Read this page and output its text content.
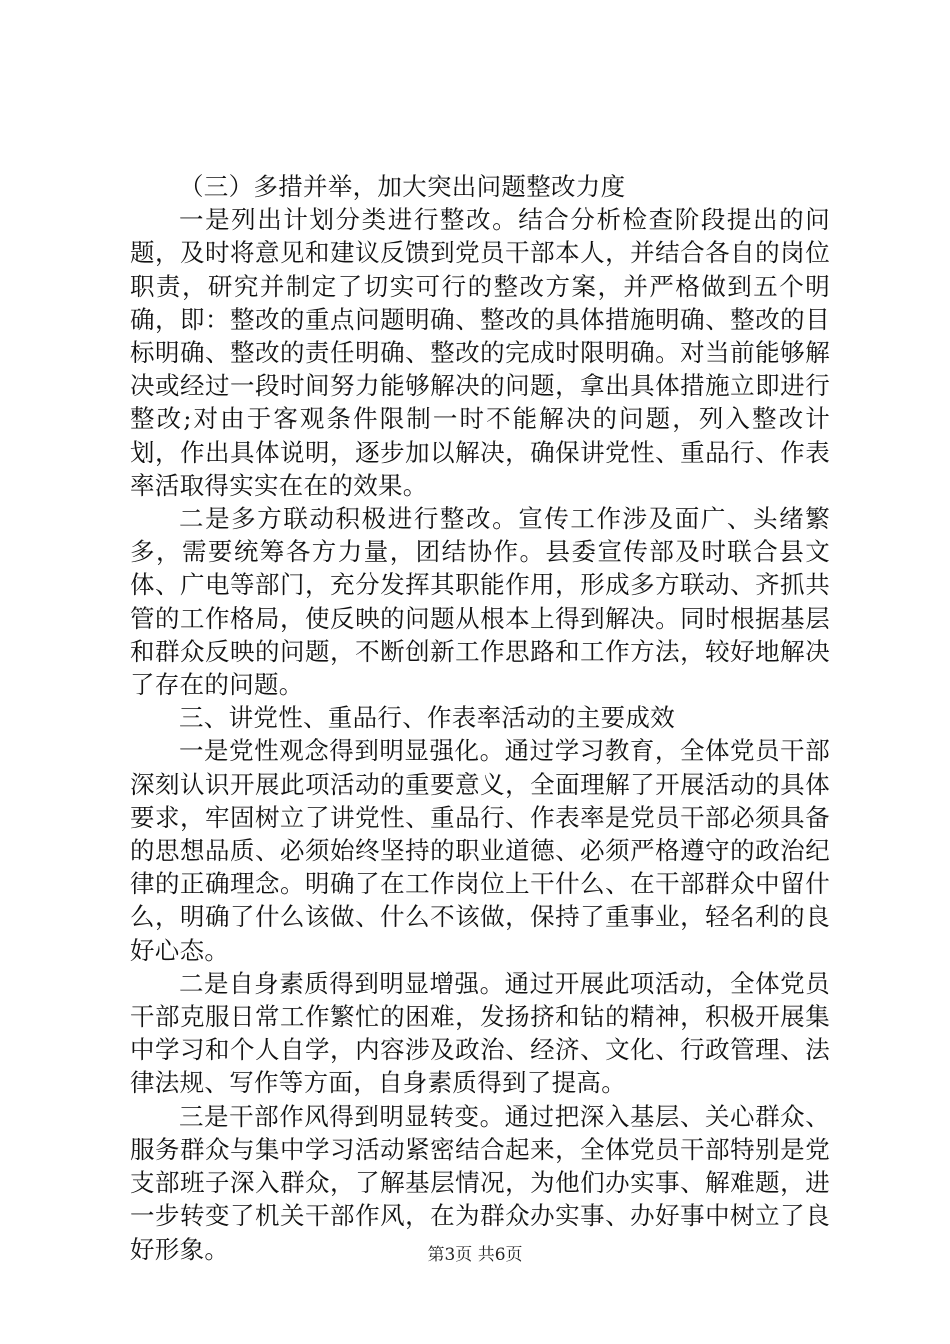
（三）多措并举，加大突出问题整改力度

一是列出计划分类进行整改。结合分析检查阶段提出的问题，及时将意见和建议反馈到党员干部本人，并结合各自的岗位职责，研究并制定了切实可行的整改方案，并严格做到五个明确，即：整改的重点问题明确、整改的具体措施明确、整改的目标明确、整改的责任明确、整改的完成时限明确。对当前能够解决或经过一段时间努力能够解决的问题，拿出具体措施立即进行整改;对由于客观条件限制一时不能解决的问题，列入整改计划，作出具体说明，逐步加以解决，确保讲党性、重品行、作表率活取得实实在在的效果。

二是多方联动积极进行整改。宣传工作涉及面广、头绪繁多，需要统筹各方力量，团结协作。县委宣传部及时联合县文体、广电等部门，充分发挥其职能作用，形成多方联动、齐抓共管的工作格局，使反映的问题从根本上得到解决。同时根据基层和群众反映的问题，不断创新工作思路和工作方法，较好地解决了存在的问题。

三、讲党性、重品行、作表率活动的主要成效

一是党性观念得到明显强化。通过学习教育，全体党员干部深刻认识开展此项活动的重要意义，全面理解了开展活动的具体要求，牢固树立了讲党性、重品行、作表率是党员干部必须具备的思想品质、必须始终坚持的职业道德、必须严格遵守的政治纪律的正确理念。明确了在工作岗位上干什么、在干部群众中留什么，明确了什么该做、什么不该做，保持了重事业，轻名利的良好心态。

二是自身素质得到明显增强。通过开展此项活动，全体党员干部克服日常工作繁忙的困难，发扬挤和钻的精神，积极开展集中学习和个人自学，内容涉及政治、经济、文化、行政管理、法律法规、写作等方面，自身素质得到了提高。

三是干部作风得到明显转变。通过把深入基层、关心群众、服务群众与集中学习活动紧密结合起来，全体党员干部特别是党支部班子深入群众，了解基层情况，为他们办实事、解难题，进一步转变了机关干部作风，在为群众办实事、办好事中树立了良好形象。	第3页 共6页
